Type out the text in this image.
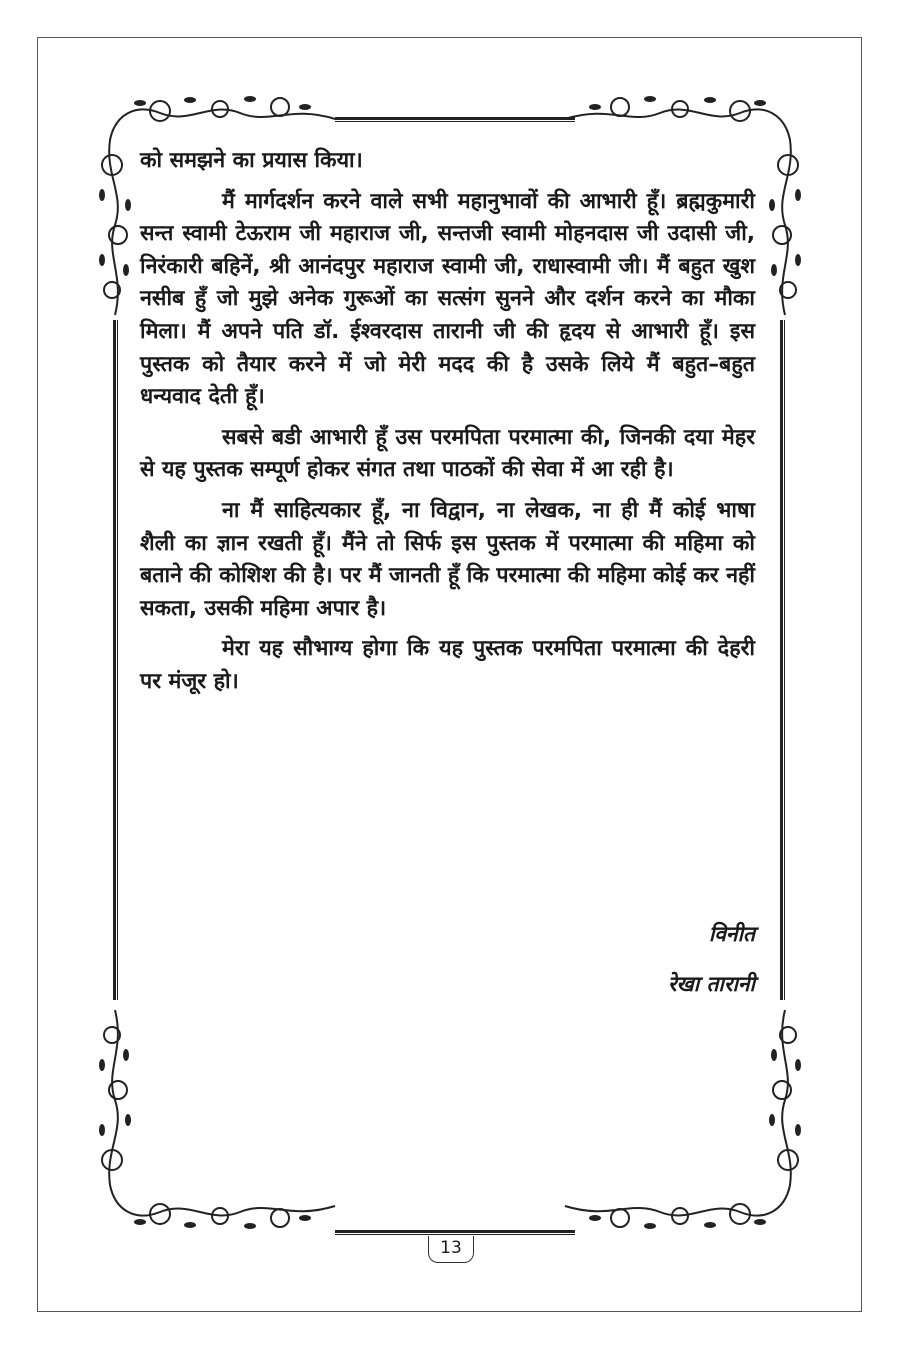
को समझने का प्रयास किया।

मैं मार्गदर्शन करने वाले सभी महानुभावों की आभारी हूँ। ब्रह्मकुमारी सन्त स्वामी टेऊराम जी महाराज जी, सन्तजी स्वामी मोहनदास जी उदासी जी, निरंकारी बहिनें, श्री आनंदपुर महाराज स्वामी जी, राधास्वामी जी। मैं बहुत खुश नसीब हुँ जो मुझे अनेक गुरूओं का सत्संग सुनने और दर्शन करने का मौका मिला। मैं अपने पति डॉ. ईश्वरदास तारानी जी की हृदय से आभारी हूँ। इस पुस्तक को तैयार करने में जो मेरी मदद की है उसके लिये मैं बहुत–बहुत धन्यवाद देती हूँ।

सबसे बडी आभारी हूँ उस परमपिता परमात्मा की, जिनकी दया मेहर से यह पुस्तक सम्पूर्ण होकर संगत तथा पाठकों की सेवा में आ रही है।

ना मैं साहित्यकार हूँ, ना विद्वान, ना लेखक, ना ही मैं कोई भाषा शैली का ज्ञान रखती हूँ। मैंने तो सिर्फ इस पुस्तक में परमात्मा की महिमा को बताने की कोशिश की है। पर मैं जानती हूँ कि परमात्मा की महिमा कोई कर नहीं सकता, उसकी महिमा अपार है।

मेरा यह सौभाग्य होगा कि यह पुस्तक परमपिता परमात्मा की देहरी पर मंजूर हो।

विनीत
रेखा तारानी
13
